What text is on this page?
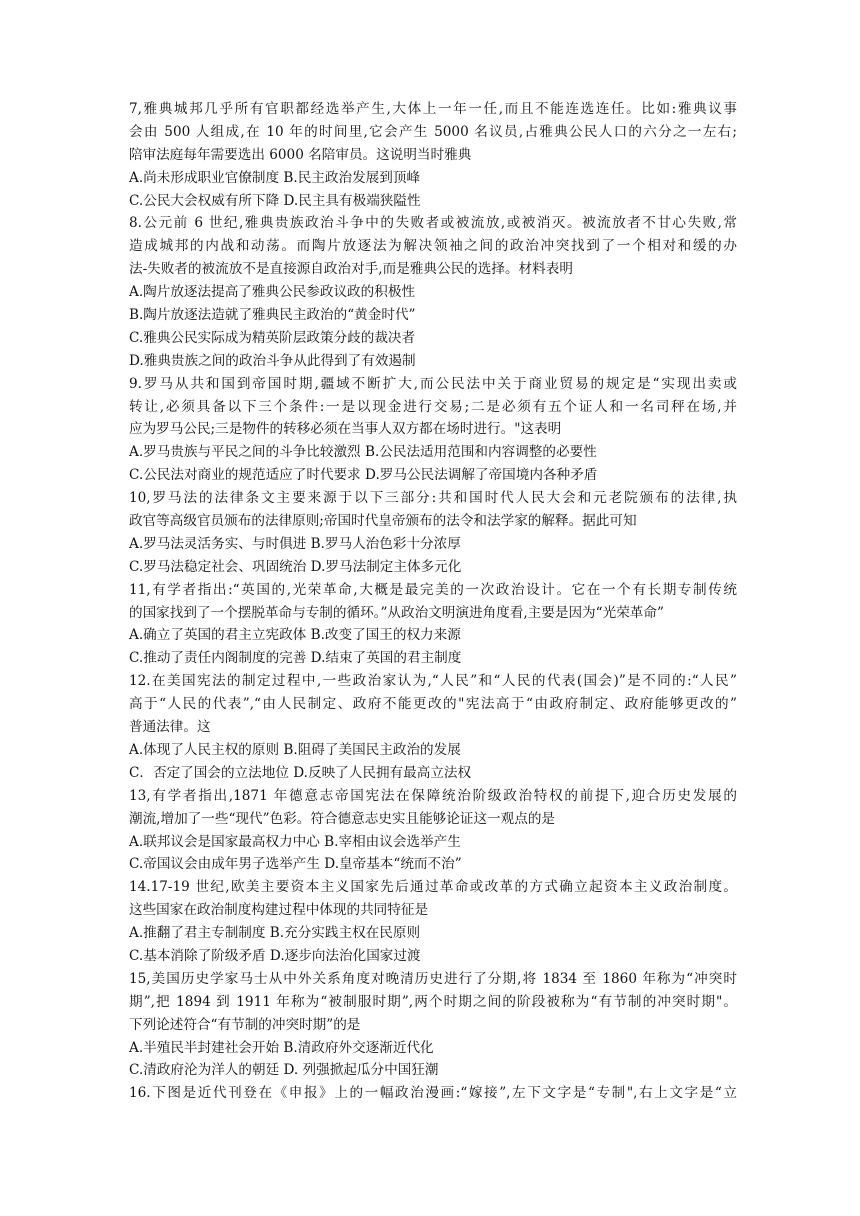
7,雅典城邦几乎所有官职都经选举产生,大体上一年一任,而且不能连选连任。比如:雅典议事
会由 500 人组成,在 10 年的时间里,它会产生 5000 名议员,占雅典公民人口的六分之一左右;
陪审法庭每年需要选出 6000 名陪审员。这说明当时雅典
A.尚未形成职业官僚制度 B.民主政治发展到顶峰
C.公民大会权威有所下降 D.民主具有极端狭隘性
8.公元前 6 世纪,雅典贵族政治斗争中的失败者或被流放,或被消灭。被流放者不甘心失败,常
造成城邦的内战和动荡。而陶片放逐法为解决领袖之间的政治冲突找到了一个相对和缓的办
法-失败者的被流放不是直接源自政治对手,而是雅典公民的选择。材料表明
A.陶片放逐法提高了雅典公民参政议政的积极性
B.陶片放逐法造就了雅典民主政治的“黄金时代”
C.雅典公民实际成为精英阶层政策分歧的裁决者
D.雅典贵族之间的政治斗争从此得到了有效遏制
9.罗马从共和国到帝国时期,疆域不断扩大,而公民法中关于商业贸易的规定是“实现出卖或
转让,必须具备以下三个条件:一是以现金进行交易;二是必须有五个证人和一名司秤在场,并
应为罗马公民;三是物件的转移必须在当事人双方都在场时进行。"这表明
A.罗马贵族与平民之间的斗争比较激烈 B.公民法适用范围和内容调整的必要性
C.公民法对商业的规范适应了时代要求 D.罗马公民法调解了帝国境内各种矛盾
10,罗马法的法律条文主要来源于以下三部分:共和国时代人民大会和元老院颁布的法律,执
政官等高级官员颁布的法律原则;帝国时代皇帝颁布的法令和法学家的解释。据此可知
A.罗马法灵活务实、与时俱进 B.罗马人治色彩十分浓厚
C.罗马法稳定社会、巩固统治 D.罗马法制定主体多元化
11,有学者指出:“英国的,光荣革命,大概是最完美的一次政治设计。它在一个有长期专制传统
的国家找到了一个摆脱革命与专制的循环。”从政治文明演进角度看,主要是因为“光荣革命”
A.确立了英国的君主立宪政体 B.改变了国王的权力来源
C.推动了责任内阁制度的完善 D.结束了英国的君主制度
12.在美国宪法的制定过程中,一些政治家认为,“人民”和“人民的代表(国会)”是不同的:“人民”
高于“人民的代表”,“由人民制定、政府不能更改的"宪法高于“由政府制定、政府能够更改的”
普通法律。这
A.体现了人民主权的原则 B.阻碍了美国民主政治的发展
C．否定了国会的立法地位 D.反映了人民拥有最高立法权
13,有学者指出,1871 年德意志帝国宪法在保障统治阶级政治特权的前提下,迎合历史发展的
潮流,增加了一些“现代”色彩。符合德意志史实且能够论证这一观点的是
A.联邦议会是国家最高权力中心 B.宰相由议会选举产生
C.帝国议会由成年男子选举产生 D.皇帝基本“统而不治”
14.17-19 世纪,欧美主要资本主义国家先后通过革命或改革的方式确立起资本主义政治制度。
这些国家在政治制度构建过程中体现的共同特征是
A.推翻了君主专制制度 B.充分实践主权在民原则
C.基本消除了阶级矛盾 D.逐步向法治化国家过渡
15,美国历史学家马士从中外关系角度对晚清历史进行了分期,将 1834 至 1860 年称为“冲突时
期”,把 1894 到 1911 年称为“被制服时期”,两个时期之间的阶段被称为“有节制的冲突时期"。
下列论述符合“有节制的冲突时期”的是
A.半殖民半封建社会开始 B.清政府外交逐渐近代化
C.清政府沦为洋人的朝廷 D. 列强掀起瓜分中国狂潮
16.下图是近代刊登在《申报》上的一幅政治漫画:“嫁接”,左下文字是“专制",右上文字是“立
